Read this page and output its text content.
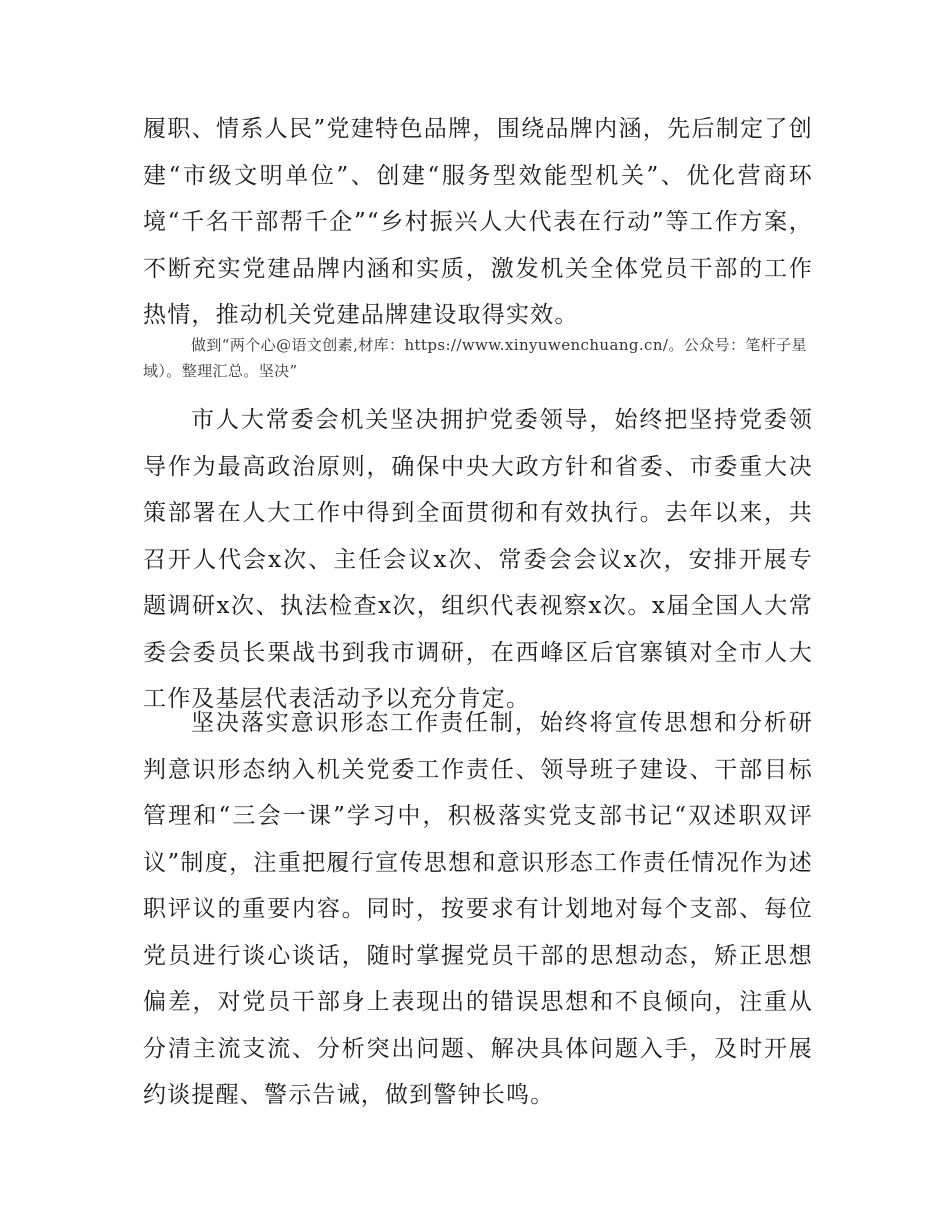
履职、情系人民”党建特色品牌，围绕品牌内涵，先后制定了创建“市级文明单位”、创建“服务型效能型机关”、优化营商环境“千名干部帮千企”“乡村振兴人大代表在行动”等工作方案，不断充实党建品牌内涵和实质，激发机关全体党员干部的工作热情，推动机关党建品牌建设取得实效。

做到“两个心@语文创素,材库：https://www.xinyuwenchuang.cn/。公众号：笔杆子星域）。整理汇总。坚决”

市人大常委会机关坚决拥护党委领导，始终把坚持党委领导作为最高政治原则，确保中央大政方针和省委、市委重大决策部署在人大工作中得到全面贯彻和有效执行。去年以来，共召开人代会x次、主任会议x次、常委会会议x次，安排开展专题调研x次、执法检查x次，组织代表视察x次。x届全国人大常委会委员长栗战书到我市调研，在西峰区后官寨镇对全市人大工作及基层代表活动予以充分肯定。

坚决落实意识形态工作责任制，始终将宣传思想和分析研判意识形态纳入机关党委工作责任、领导班子建设、干部目标管理和“三会一课”学习中，积极落实党支部书记“双述职双评议”制度，注重把履行宣传思想和意识形态工作责任情况作为述职评议的重要内容。同时，按要求有计划地对每个支部、每位党员进行谈心谈话，随时掌握党员干部的思想动态，矫正思想偏差，对党员干部身上表现出的错误思想和不良倾向，注重从分清主流支流、分析突出问题、解决具体问题入手，及时开展约谈提醒、警示告诫，做到警钟长鸣。
